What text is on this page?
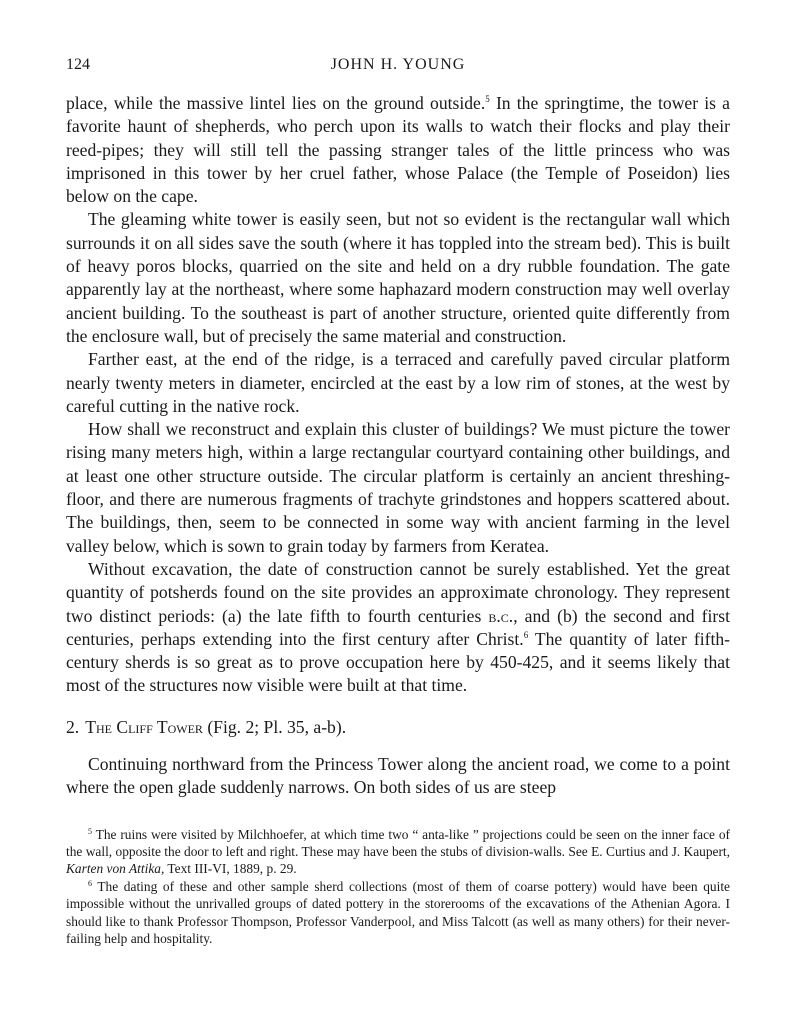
124	JOHN H. YOUNG

place, while the massive lintel lies on the ground outside.$^5$ In the springtime, the tower is a favorite haunt of shepherds, who perch upon its walls to watch their flocks and play their reed-pipes; they will still tell the passing stranger tales of the little princess who was imprisoned in this tower by her cruel father, whose Palace (the Temple of Poseidon) lies below on the cape.

The gleaming white tower is easily seen, but not so evident is the rectangular wall which surrounds it on all sides save the south (where it has toppled into the stream bed). This is built of heavy poros blocks, quarried on the site and held on a dry rubble foundation. The gate apparently lay at the northeast, where some haphazard modern construction may well overlay ancient building. To the southeast is part of another structure, oriented quite differently from the enclosure wall, but of precisely the same material and construction.

Farther east, at the end of the ridge, is a terraced and carefully paved circular platform nearly twenty meters in diameter, encircled at the east by a low rim of stones, at the west by careful cutting in the native rock.

How shall we reconstruct and explain this cluster of buildings? We must picture the tower rising many meters high, within a large rectangular courtyard containing other buildings, and at least one other structure outside. The circular platform is certainly an ancient threshing-floor, and there are numerous fragments of trachyte grindstones and hoppers scattered about. The buildings, then, seem to be connected in some way with ancient farming in the level valley below, which is sown to grain today by farmers from Keratea.

Without excavation, the date of construction cannot be surely established. Yet the great quantity of potsherds found on the site provides an approximate chronology. They represent two distinct periods: (a) the late fifth to fourth centuries b.c., and (b) the second and first centuries, perhaps extending into the first century after Christ.$^6$ The quantity of later fifth-century sherds is so great as to prove occupation here by 450-425, and it seems likely that most of the structures now visible were built at that time.

2. The Cliff Tower (Fig. 2; Pl. 35, a-b).

Continuing northward from the Princess Tower along the ancient road, we come to a point where the open glade suddenly narrows. On both sides of us are steep

$^5$ The ruins were visited by Milchhoefer, at which time two “ anta-like ” projections could be seen on the inner face of the wall, opposite the door to left and right. These may have been the stubs of division-walls. See E. Curtius and J. Kaupert, Karten von Attika, Text III-VI, 1889, p. 29.

$^6$ The dating of these and other sample sherd collections (most of them of coarse pottery) would have been quite impossible without the unrivalled groups of dated pottery in the storerooms of the excavations of the Athenian Agora. I should like to thank Professor Thompson, Professor Vanderpool, and Miss Talcott (as well as many others) for their never-failing help and hospitality.
